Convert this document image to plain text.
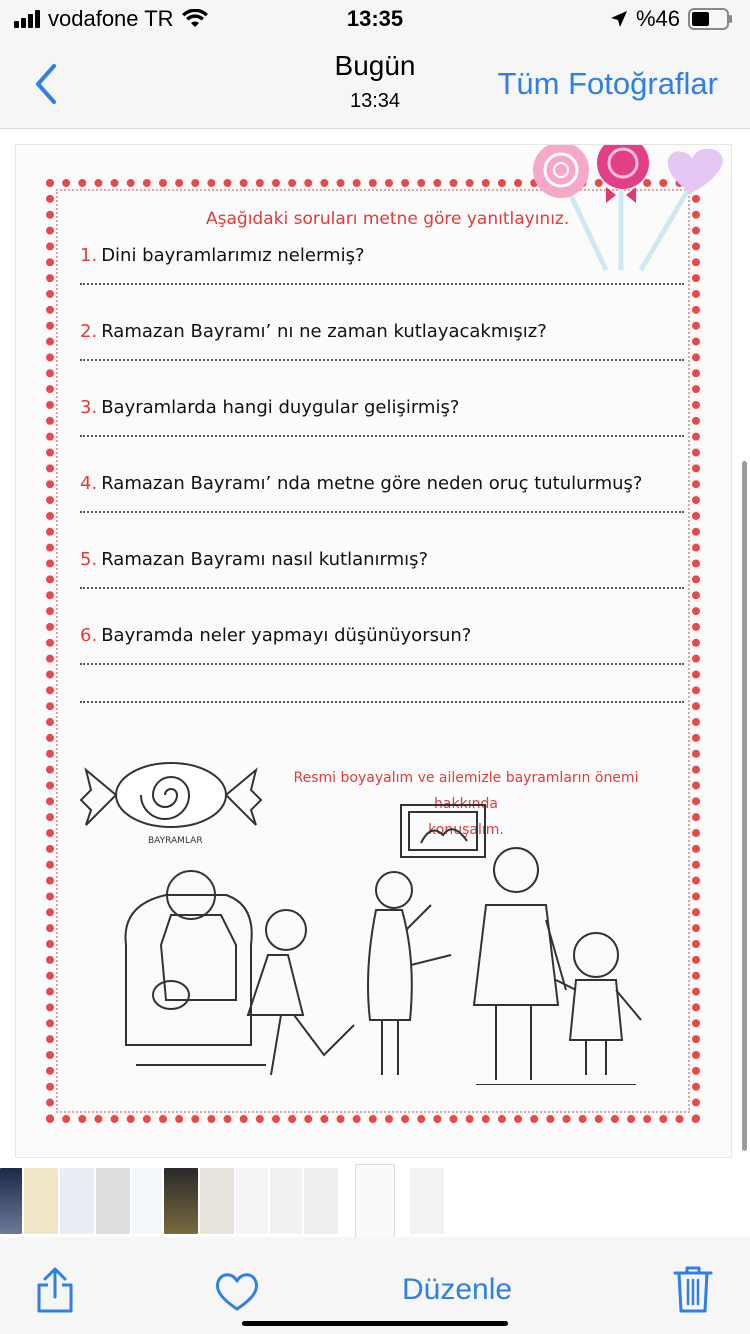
vodafone TR	13:35	%46
Bugün
13:34	Tüm Fotoğraflar
Aşağıdaki soruları metne göre yanıtlayınız.
1. Dini bayramlarımız nelermiş?
2. Ramazan Bayramı’ nı ne zaman kutlayacakmışız?
3. Bayramlarda hangi duygular gelişirmiş?
4. Ramazan Bayramı’ nda metne göre neden oruç tutulurmuş?
5. Ramazan Bayramı nasıl kutlanırmış?
6. Bayramda neler yapmayı düşünüyorsun?
Resmi boyayalım ve ailemizle bayramların önemi hakkında
konuşalım.
BAYRAMLAR
Düzenle
